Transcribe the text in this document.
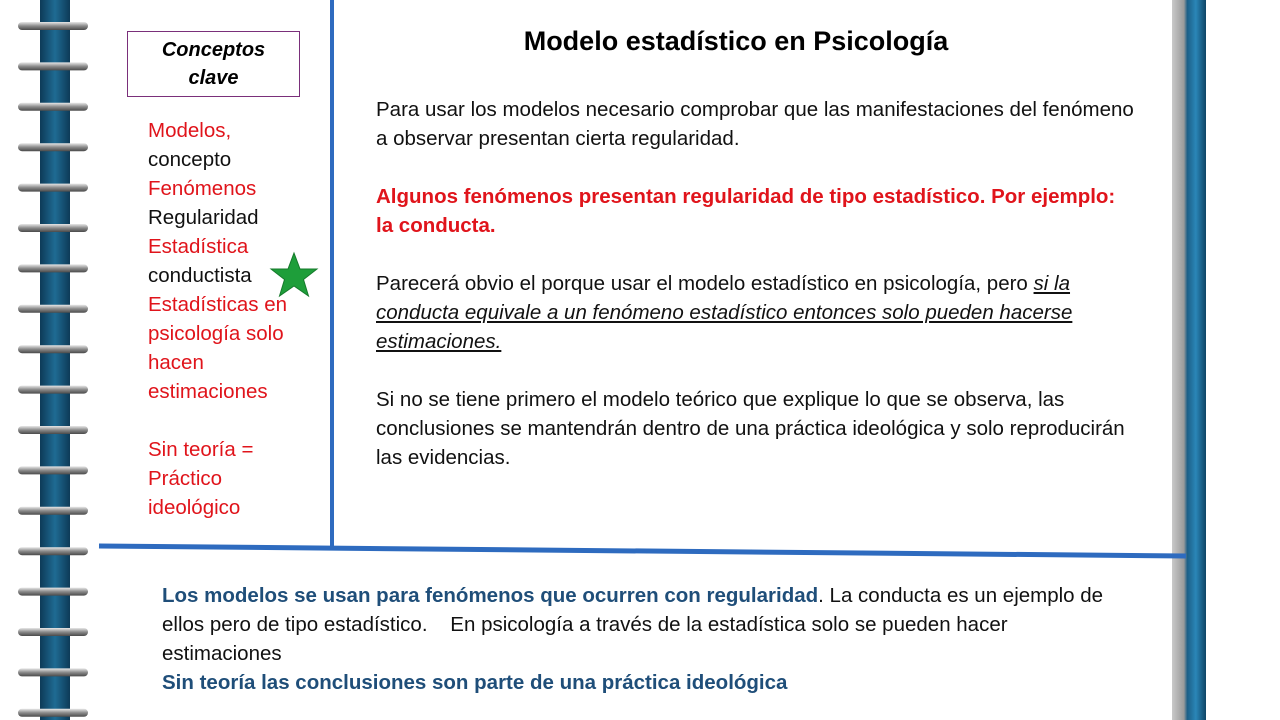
Conceptos clave
Modelos,
concepto
Fenómenos
Regularidad
Estadística
conductista
Estadísticas en psicología solo hacen estimaciones
Sin teoría = Práctico ideológico
Modelo estadístico en Psicología

Para usar los modelos necesario comprobar que las manifestaciones del fenómeno a observar presentan cierta regularidad.

Algunos fenómenos presentan regularidad de tipo estadístico. Por ejemplo: la conducta.

Parecerá obvio el porque usar el modelo estadístico en psicología, pero si la conducta equivale a un fenómeno estadístico entonces solo pueden hacerse estimaciones.

Si no se tiene primero el modelo teórico que explique lo que se observa, las conclusiones se mantendrán dentro de una práctica ideológica y solo reproducirán las evidencias.

Los modelos se usan para fenómenos que ocurren con regularidad. La conducta es un ejemplo de ellos pero de tipo estadístico.    En psicología a través de la estadística solo se pueden hacer estimaciones
Sin teoría las conclusiones son parte de una práctica ideológica
